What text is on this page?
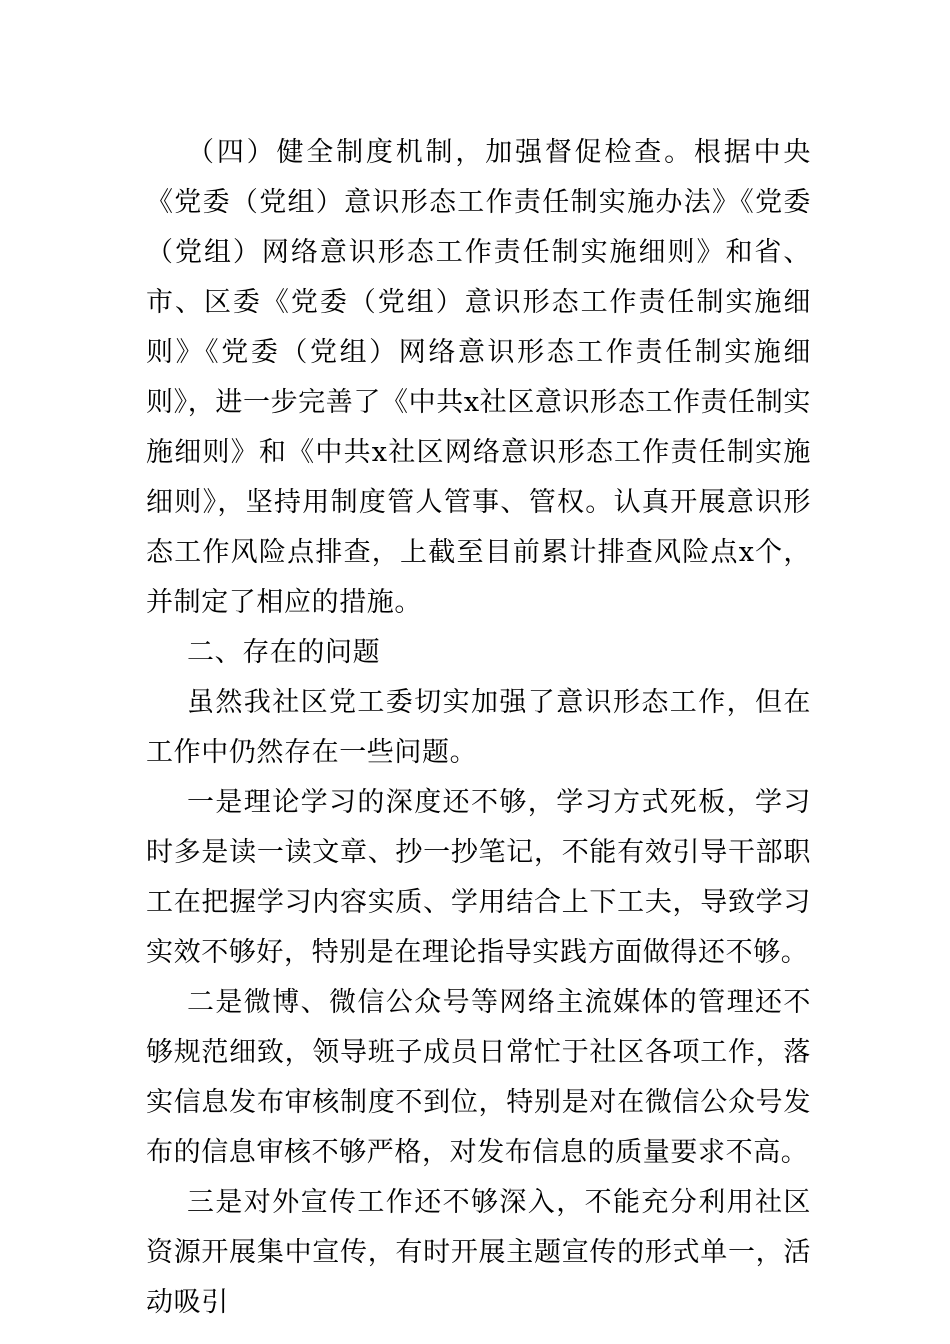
（四）健全制度机制，加强督促检查。根据中央《党委（党组）意识形态工作责任制实施办法》《党委（党组）网络意识形态工作责任制实施细则》和省、市、区委《党委（党组）意识形态工作责任制实施细则》《党委（党组）网络意识形态工作责任制实施细则》，进一步完善了《中共x社区意识形态工作责任制实施细则》和《中共x社区网络意识形态工作责任制实施细则》，坚持用制度管人管事、管权。认真开展意识形态工作风险点排查，上截至目前累计排查风险点x个，并制定了相应的措施。

二、存在的问题

虽然我社区党工委切实加强了意识形态工作，但在工作中仍然存在一些问题。

一是理论学习的深度还不够，学习方式死板，学习时多是读一读文章、抄一抄笔记，不能有效引导干部职工在把握学习内容实质、学用结合上下工夫，导致学习实效不够好，特别是在理论指导实践方面做得还不够。

二是微博、微信公众号等网络主流媒体的管理还不够规范细致，领导班子成员日常忙于社区各项工作，落实信息发布审核制度不到位，特别是对在微信公众号发布的信息审核不够严格，对发布信息的质量要求不高。

三是对外宣传工作还不够深入，不能充分利用社区资源开展集中宣传，有时开展主题宣传的形式单一，活动吸引
